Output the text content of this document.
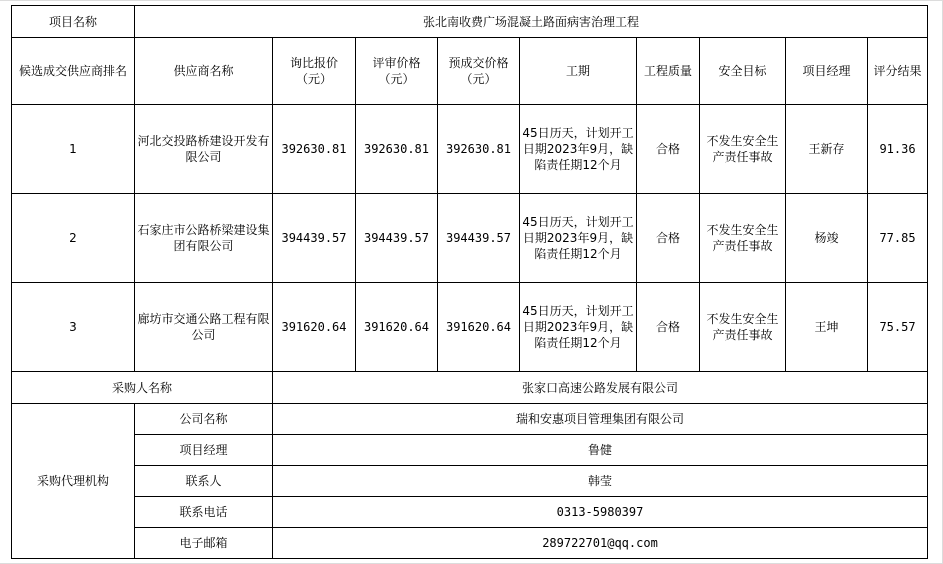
项目名称	张北南收费广场混凝土路面病害治理工程								
候选成交供应商排名	供应商名称	询比报价（元）	评审价格（元）	预成交价格（元）	工期	工程质量	安全目标	项目经理	评分结果
1	河北交投路桥建设开发有限公司	392630.81	392630.81	392630.81	45日历天，计划开工日期2023年9月，缺陷责任期12个月	合格	不发生安全生产责任事故	王新存	91.36
2	石家庄市公路桥梁建设集团有限公司	394439.57	394439.57	394439.57	45日历天，计划开工日期2023年9月，缺陷责任期12个月	合格	不发生安全生产责任事故	杨竣	77.85
3	廊坊市交通公路工程有限公司	391620.64	391620.64	391620.64	45日历天，计划开工日期2023年9月，缺陷责任期12个月	合格	不发生安全生产责任事故	王坤	75.57
采购人名称		张家口高速公路发展有限公司							
采购代理机构	公司名称	瑞和安惠项目管理集团有限公司							
	项目经理	鲁健							
	联系人	韩莹							
	联系电话	0313-5980397							
	电子邮箱	289722701@qq.com							
